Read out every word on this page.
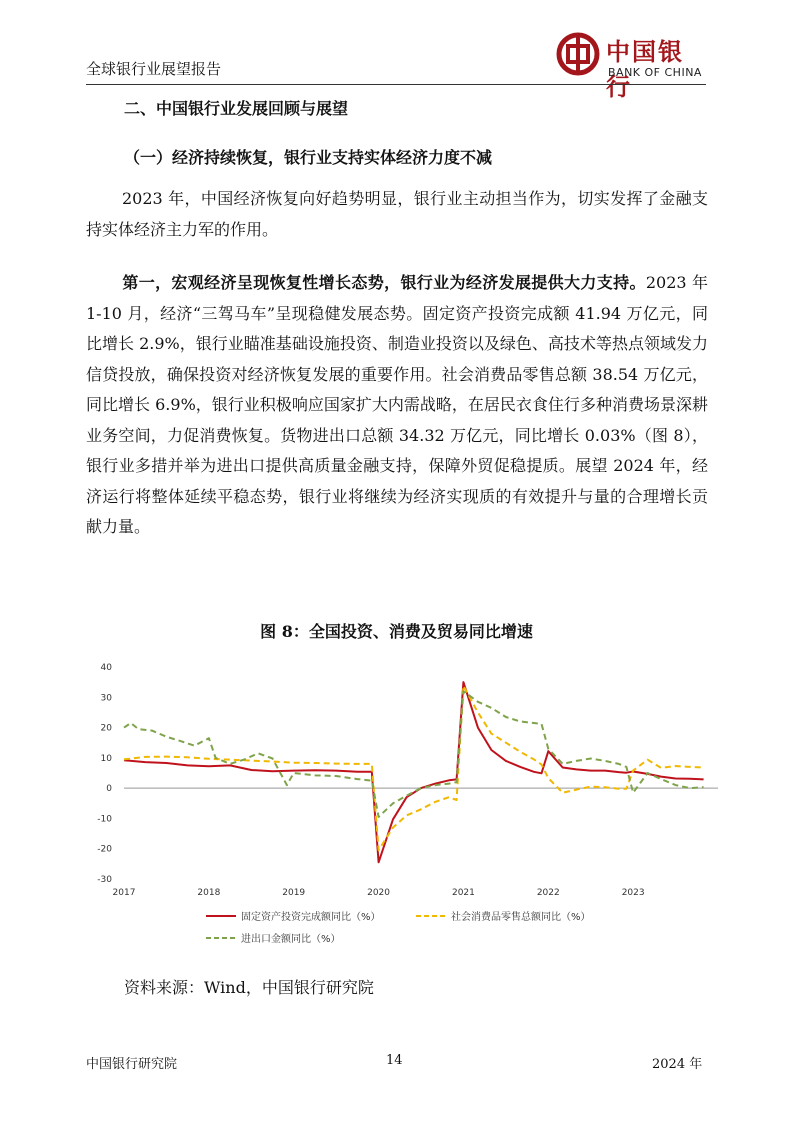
全球银行业展望报告
中国银行
BANK OF CHINA
二、中国银行业发展回顾与展望
（一）经济持续恢复，银行业支持实体经济力度不减
2023 年，中国经济恢复向好趋势明显，银行业主动担当作为，切实发挥了金融支持实体经济主力军的作用。
第一，宏观经济呈现恢复性增长态势，银行业为经济发展提供大力支持。2023 年 1-10 月，经济“三驾马车”呈现稳健发展态势。固定资产投资完成额 41.94 万亿元，同比增长 2.9%，银行业瞄准基础设施投资、制造业投资以及绿色、高技术等热点领域发力信贷投放，确保投资对经济恢复发展的重要作用。社会消费品零售总额 38.54 万亿元，同比增长 6.9%，银行业积极响应国家扩大内需战略，在居民衣食住行多种消费场景深耕业务空间，力促消费恢复。货物进出口总额 34.32 万亿元，同比增长 0.03%（图 8），银行业多措并举为进出口提供高质量金融支持，保障外贸促稳提质。展望 2024 年，经济运行将整体延续平稳态势，银行业将继续为经济实现质的有效提升与量的合理增长贡献力量。
图 8：全国投资、消费及贸易同比增速
40
30
20
10
0
-10
-20
-30
2017	2018	2019	2020	2021	2022	2023
固定资产投资完成额同比（%）	社会消费品零售总额同比（%）
进出口金额同比（%）
资料来源：Wind，中国银行研究院
中国银行研究院	14	2024 年
